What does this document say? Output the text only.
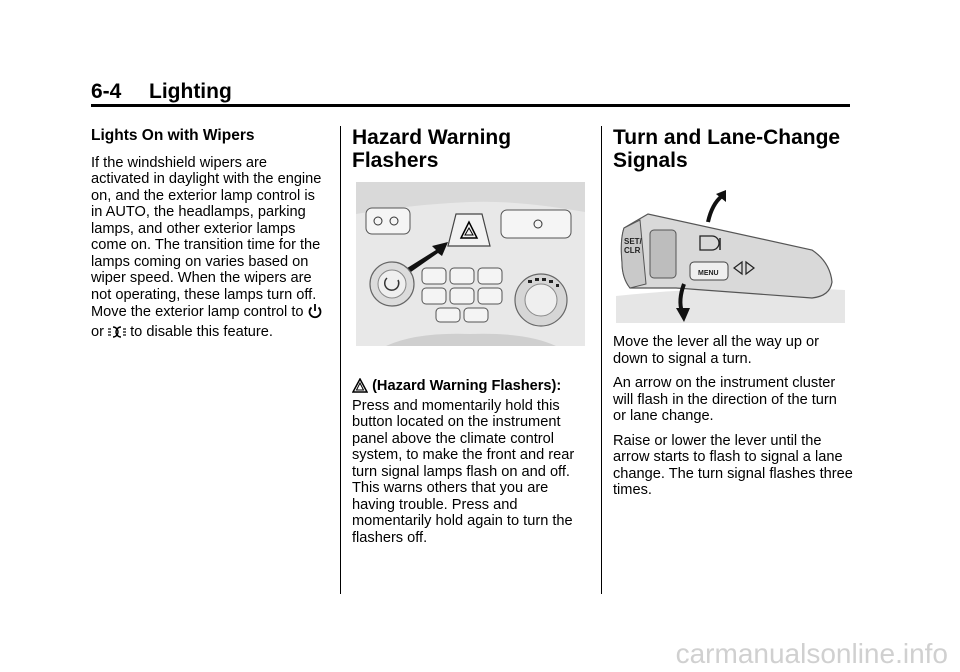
6-4 Lighting
Lights On with Wipers

If the windshield wipers are activated in daylight with the engine on, and the exterior lamp control is in AUTO, the headlamps, parking lamps, and other exterior lamps come on. The transition time for the lamps coming on varies based on wiper speed. When the wipers are not operating, these lamps turn off. Move the exterior lamp control to  or to disable this feature.

Hazard Warning Flashers

(Hazard Warning Flashers): Press and momentarily hold this button located on the instrument panel above the climate control system, to make the front and rear turn signal lamps flash on and off. This warns others that you are having trouble. Press and momentarily hold again to turn the flashers off.

Turn and Lane-Change Signals
SET/
CLR
MENU

Move the lever all the way up or down to signal a turn.

An arrow on the instrument cluster will flash in the direction of the turn or lane change.

Raise or lower the lever until the arrow starts to flash to signal a lane change. The turn signal flashes three times.

carmanualsonline.info
